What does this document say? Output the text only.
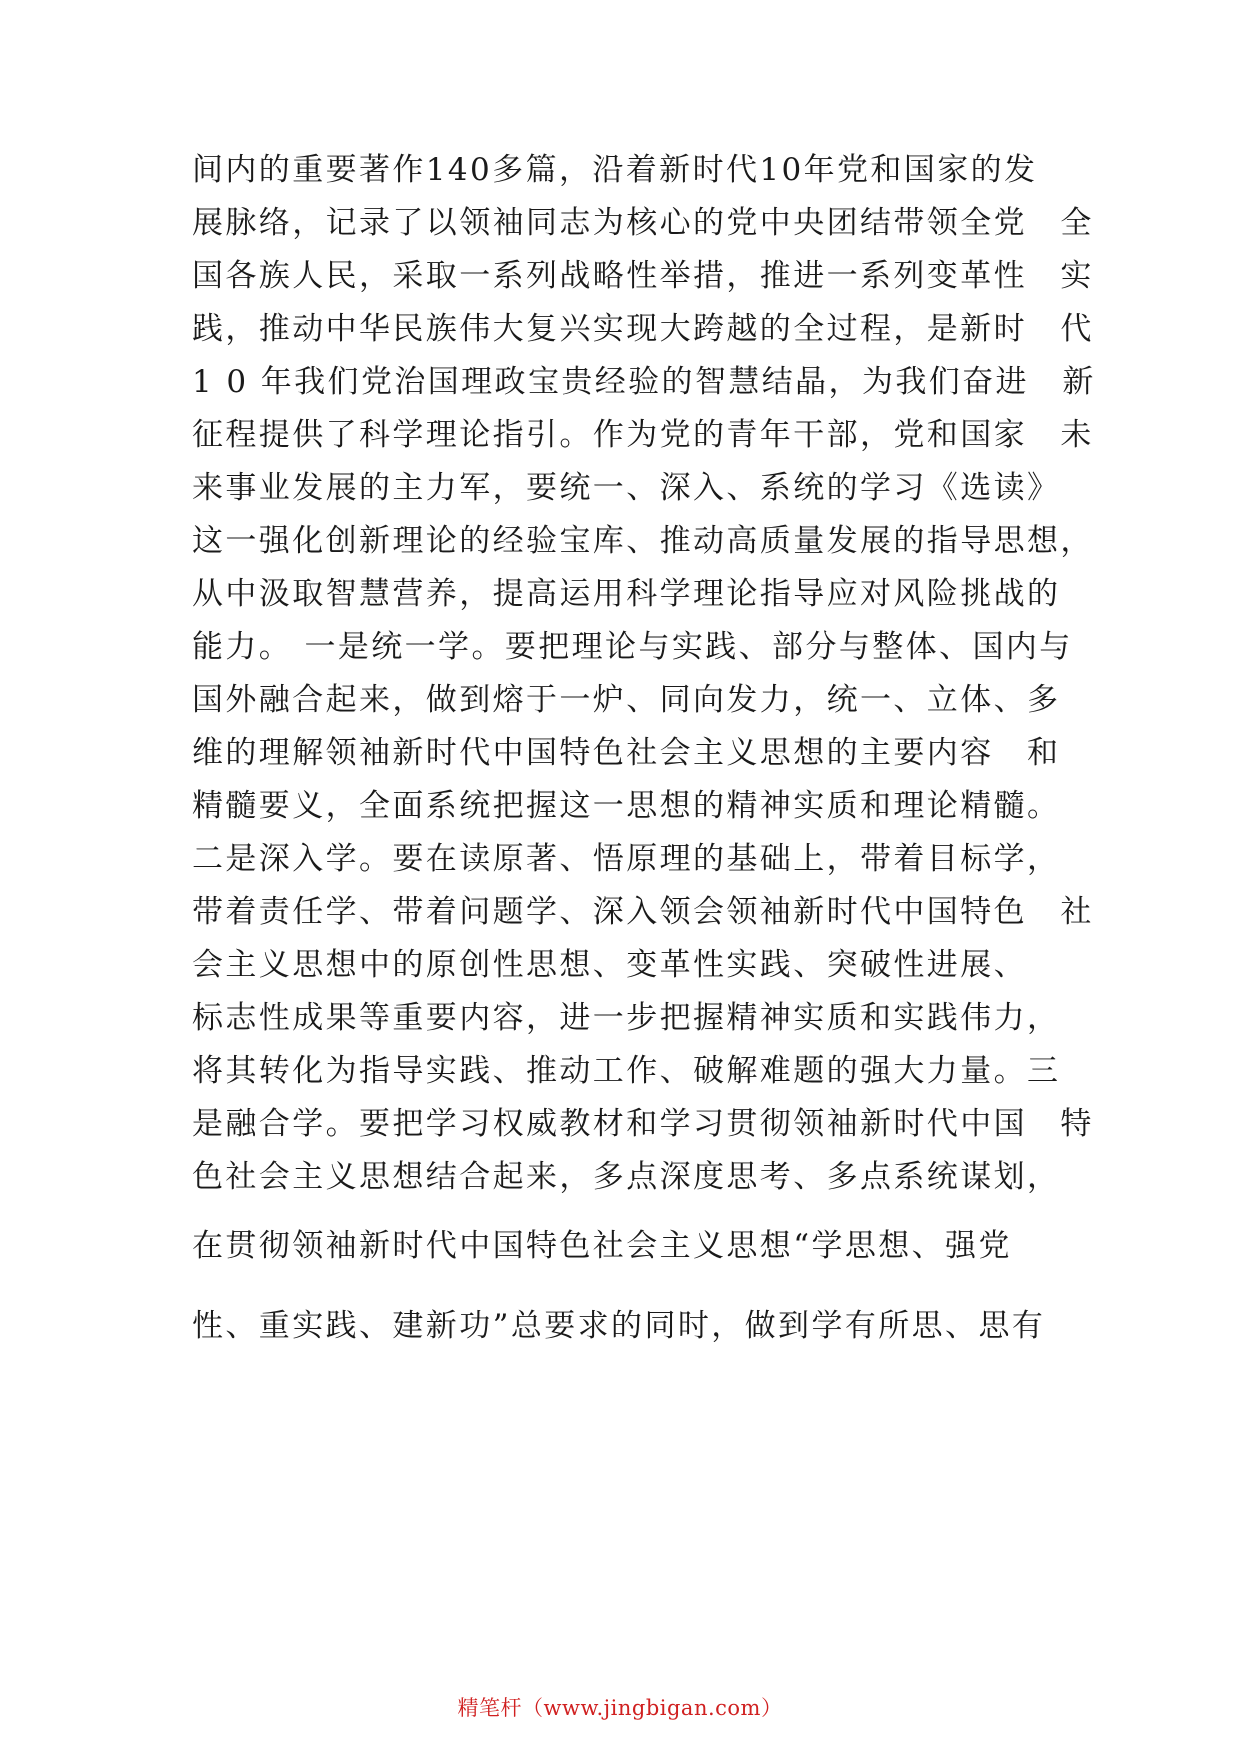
间内的重要著作140多篇，沿着新时代10年党和国家的发
展脉络，记录了以领袖同志为核心的党中央团结带领全党　全
国各族人民，采取一系列战略性举措，推进一系列变革性　实
践，推动中华民族伟大复兴实现大跨越的全过程，是新时　代
1 0 年我们党治国理政宝贵经验的智慧结晶，为我们奋进　新
征程提供了科学理论指引。作为党的青年干部，党和国家　未
来事业发展的主力军，要统一、深入、系统的学习《选读》
这一强化创新理论的经验宝库、推动高质量发展的指导思想，
从中汲取智慧营养，提高运用科学理论指导应对风险挑战的
能力。 一是统一学。要把理论与实践、部分与整体、国内与
国外融合起来，做到熔于一炉、同向发力，统一、立体、多
维的理解领袖新时代中国特色社会主义思想的主要内容　和
精髓要义，全面系统把握这一思想的精神实质和理论精髓。
二是深入学。要在读原著、悟原理的基础上，带着目标学，
带着责任学、带着问题学、深入领会领袖新时代中国特色　社
会主义思想中的原创性思想、变革性实践、突破性进展、
标志性成果等重要内容，进一步把握精神实质和实践伟力，
将其转化为指导实践、推动工作、破解难题的强大力量。三
是融合学。要把学习权威教材和学习贯彻领袖新时代中国　特
色社会主义思想结合起来，多点深度思考、多点系统谋划，
在贯彻领袖新时代中国特色社会主义思想“学思想、强党
性、重实践、建新功”总要求的同时，做到学有所思、思有
精笔杆（www.jingbigan.com）
